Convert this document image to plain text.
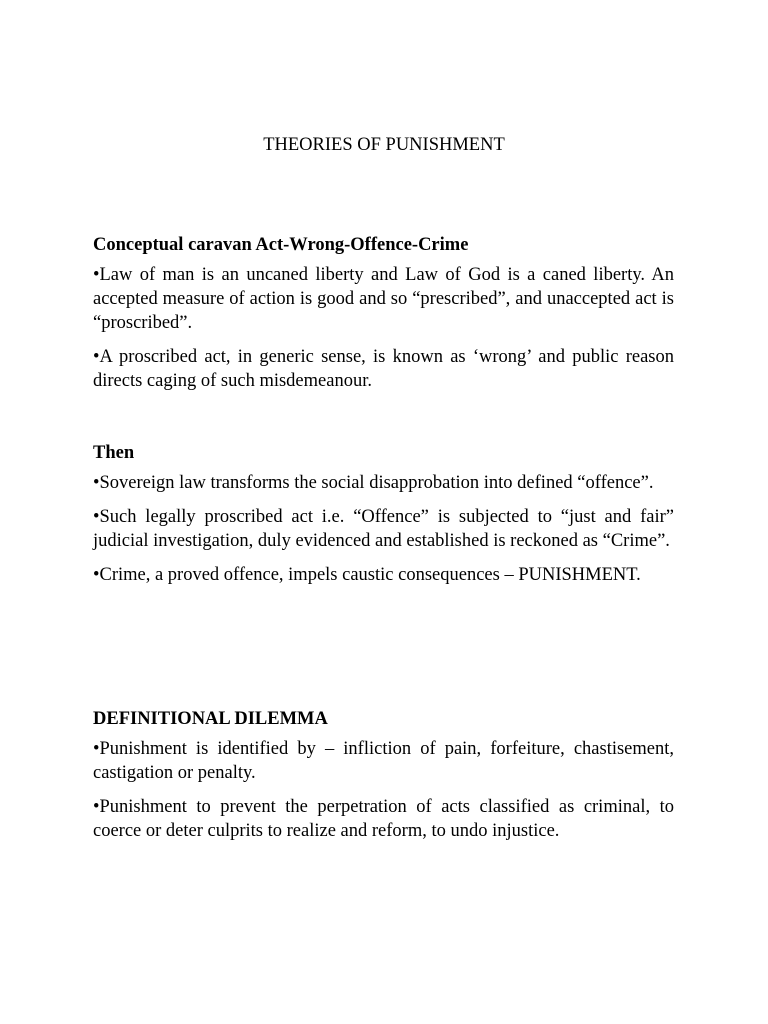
THEORIES OF PUNISHMENT

Conceptual caravan Act-Wrong-Offence-Crime

•Law of man is an uncaned liberty and Law of God is a caned liberty. An accepted measure of action is good and so “prescribed”, and unaccepted act is “proscribed”.

•A proscribed act, in generic sense, is known as ‘wrong’ and public reason directs caging of such misdemeanour.

Then

•Sovereign law transforms the social disapprobation into defined “offence”.

•Such legally proscribed act i.e. “Offence” is subjected to “just and fair” judicial investigation, duly evidenced and established is reckoned as “Crime”.

•Crime, a proved offence, impels caustic consequences – PUNISHMENT.

DEFINITIONAL DILEMMA

•Punishment is identified by – infliction of pain, forfeiture, chastisement, castigation or penalty.

•Punishment to prevent the perpetration of acts classified as criminal, to coerce or deter culprits to realize and reform, to undo injustice.
